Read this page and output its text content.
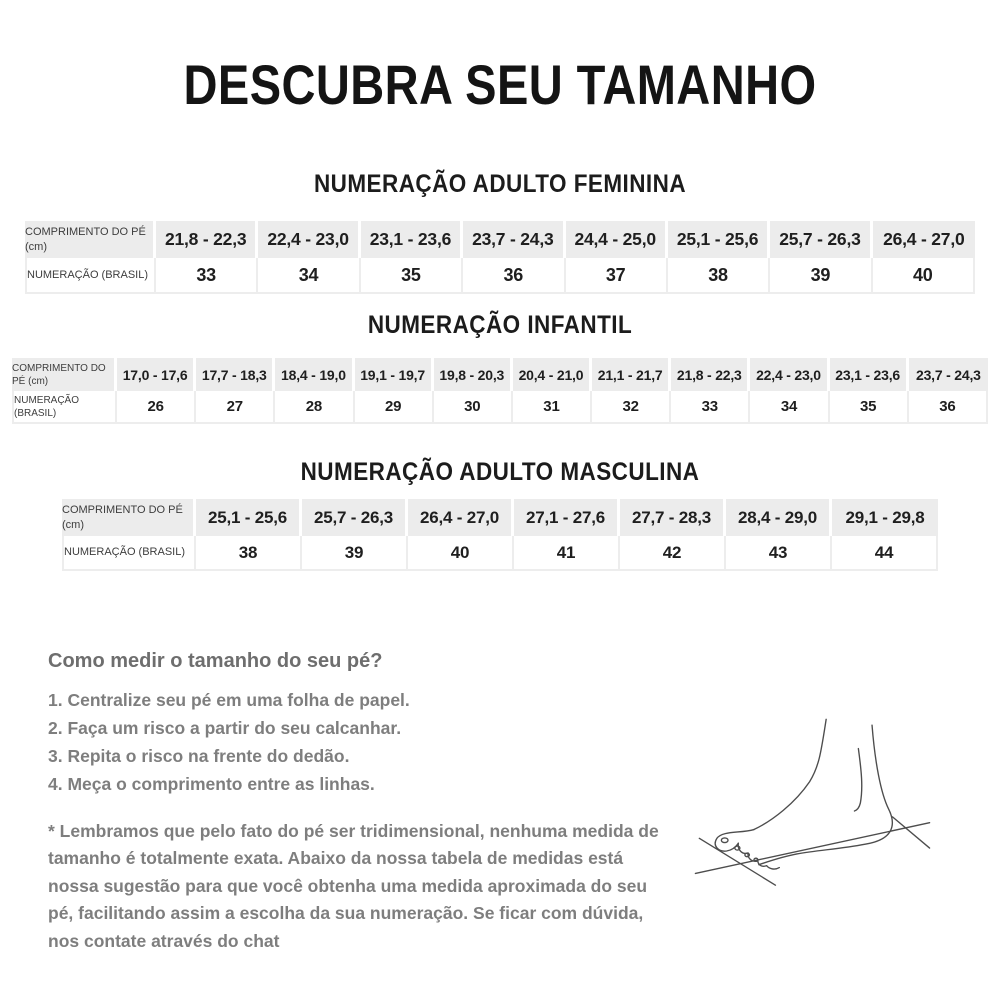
DESCUBRA SEU TAMANHO
NUMERAÇÃO ADULTO FEMININA
COMPRIMENTO DO PÉ (cm)	21,8 - 22,3	22,4 - 23,0	23,1 - 23,6	23,7 - 24,3	24,4 - 25,0	25,1 - 25,6	25,7 - 26,3	26,4 - 27,0
NUMERAÇÃO (BRASIL)	33	34	35	36	37	38	39	40
NUMERAÇÃO INFANTIL
COMPRIMENTO DO PÉ (cm)	17,0 - 17,6	17,7 - 18,3	18,4 - 19,0	19,1 - 19,7	19,8 - 20,3	20,4 - 21,0	21,1 - 21,7	21,8 - 22,3	22,4 - 23,0	23,1 - 23,6	23,7 - 24,3
NUMERAÇÃO (BRASIL)	26	27	28	29	30	31	32	33	34	35	36
NUMERAÇÃO ADULTO MASCULINA
COMPRIMENTO DO PÉ (cm)	25,1 - 25,6	25,7 - 26,3	26,4 - 27,0	27,1 - 27,6	27,7 - 28,3	28,4 - 29,0	29,1 - 29,8
NUMERAÇÃO (BRASIL)	38	39	40	41	42	43	44
Como medir o tamanho do seu pé?
1. Centralize seu pé em uma folha de papel.
2. Faça um risco a partir do seu calcanhar.
3. Repita o risco na frente do dedão.
4. Meça o comprimento entre as linhas.

* Lembramos que pelo fato do pé ser tridimensional, nenhuma medida de tamanho é totalmente exata. Abaixo da nossa tabela de medidas está nossa sugestão para que você obtenha uma medida aproximada do seu pé, facilitando assim a escolha da sua numeração. Se ficar com dúvida, nos contate através do chat
